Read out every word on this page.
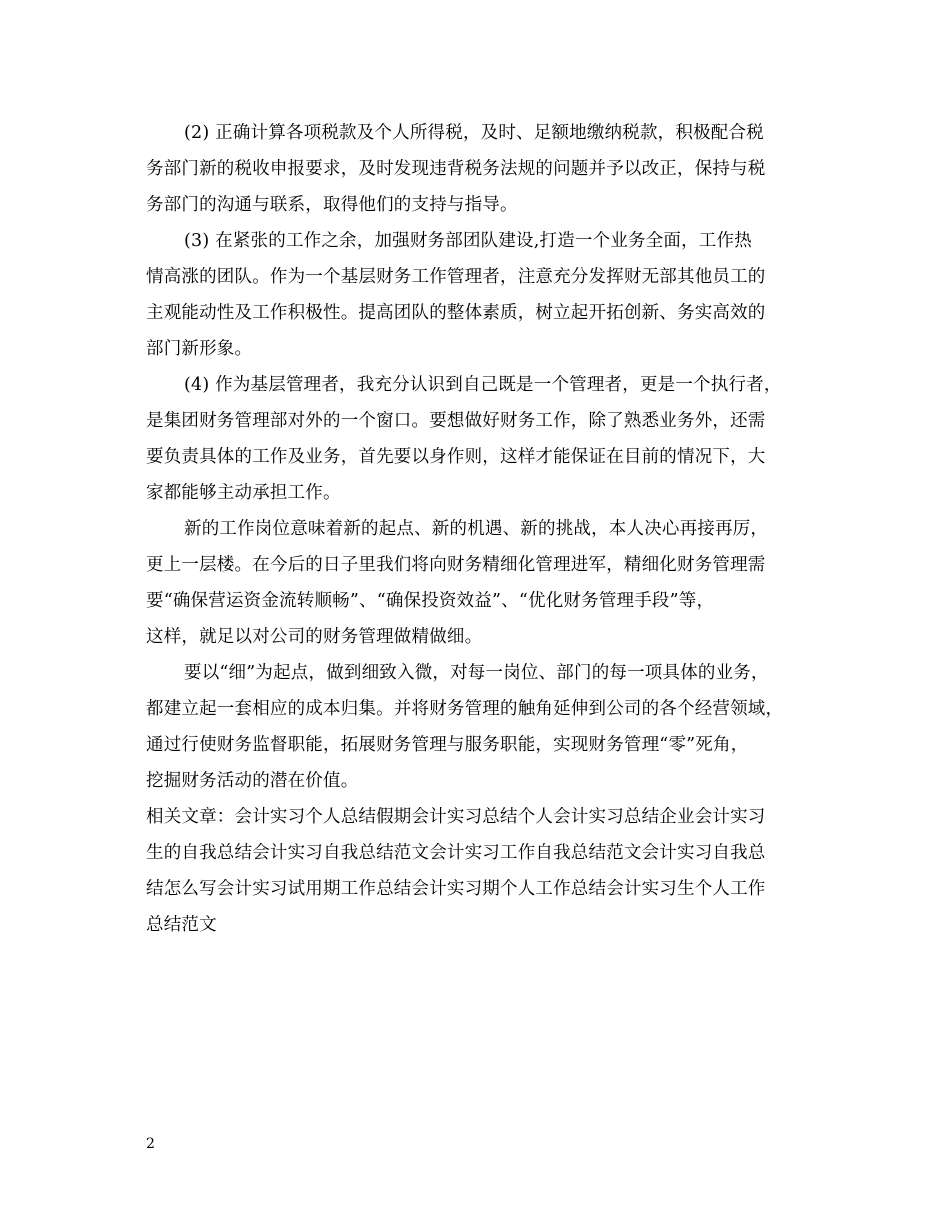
(2) 正确计算各项税款及个人所得税，及时、足额地缴纳税款，积极配合税
务部门新的税收申报要求，及时发现违背税务法规的问题并予以改正，保持与税
务部门的沟通与联系，取得他们的支持与指导。
(3) 在紧张的工作之余，加强财务部团队建设,打造一个业务全面，工作热
情高涨的团队。作为一个基层财务工作管理者，注意充分发挥财无部其他员工的
主观能动性及工作积极性。提高团队的整体素质，树立起开拓创新、务实高效的
部门新形象。
(4) 作为基层管理者，我充分认识到自己既是一个管理者，更是一个执行者，
是集团财务管理部对外的一个窗口。要想做好财务工作，除了熟悉业务外，还需
要负责具体的工作及业务，首先要以身作则，这样才能保证在目前的情况下，大
家都能够主动承担工作。
新的工作岗位意味着新的起点、新的机遇、新的挑战，本人决心再接再厉，
更上一层楼。在今后的日子里我们将向财务精细化管理进军，精细化财务管理需
要“确保营运资金流转顺畅”、“确保投资效益”、“优化财务管理手段”等，
这样，就足以对公司的财务管理做精做细。
要以“细”为起点，做到细致入微，对每一岗位、部门的每一项具体的业务，
都建立起一套相应的成本归集。并将财务管理的触角延伸到公司的各个经营领域，
通过行使财务监督职能，拓展财务管理与服务职能，实现财务管理“零”死角，
挖掘财务活动的潜在价值。
相关文章：会计实习个人总结假期会计实习总结个人会计实习总结企业会计实习
生的自我总结会计实习自我总结范文会计实习工作自我总结范文会计实习自我总
结怎么写会计实习试用期工作总结会计实习期个人工作总结会计实习生个人工作
总结范文
2
